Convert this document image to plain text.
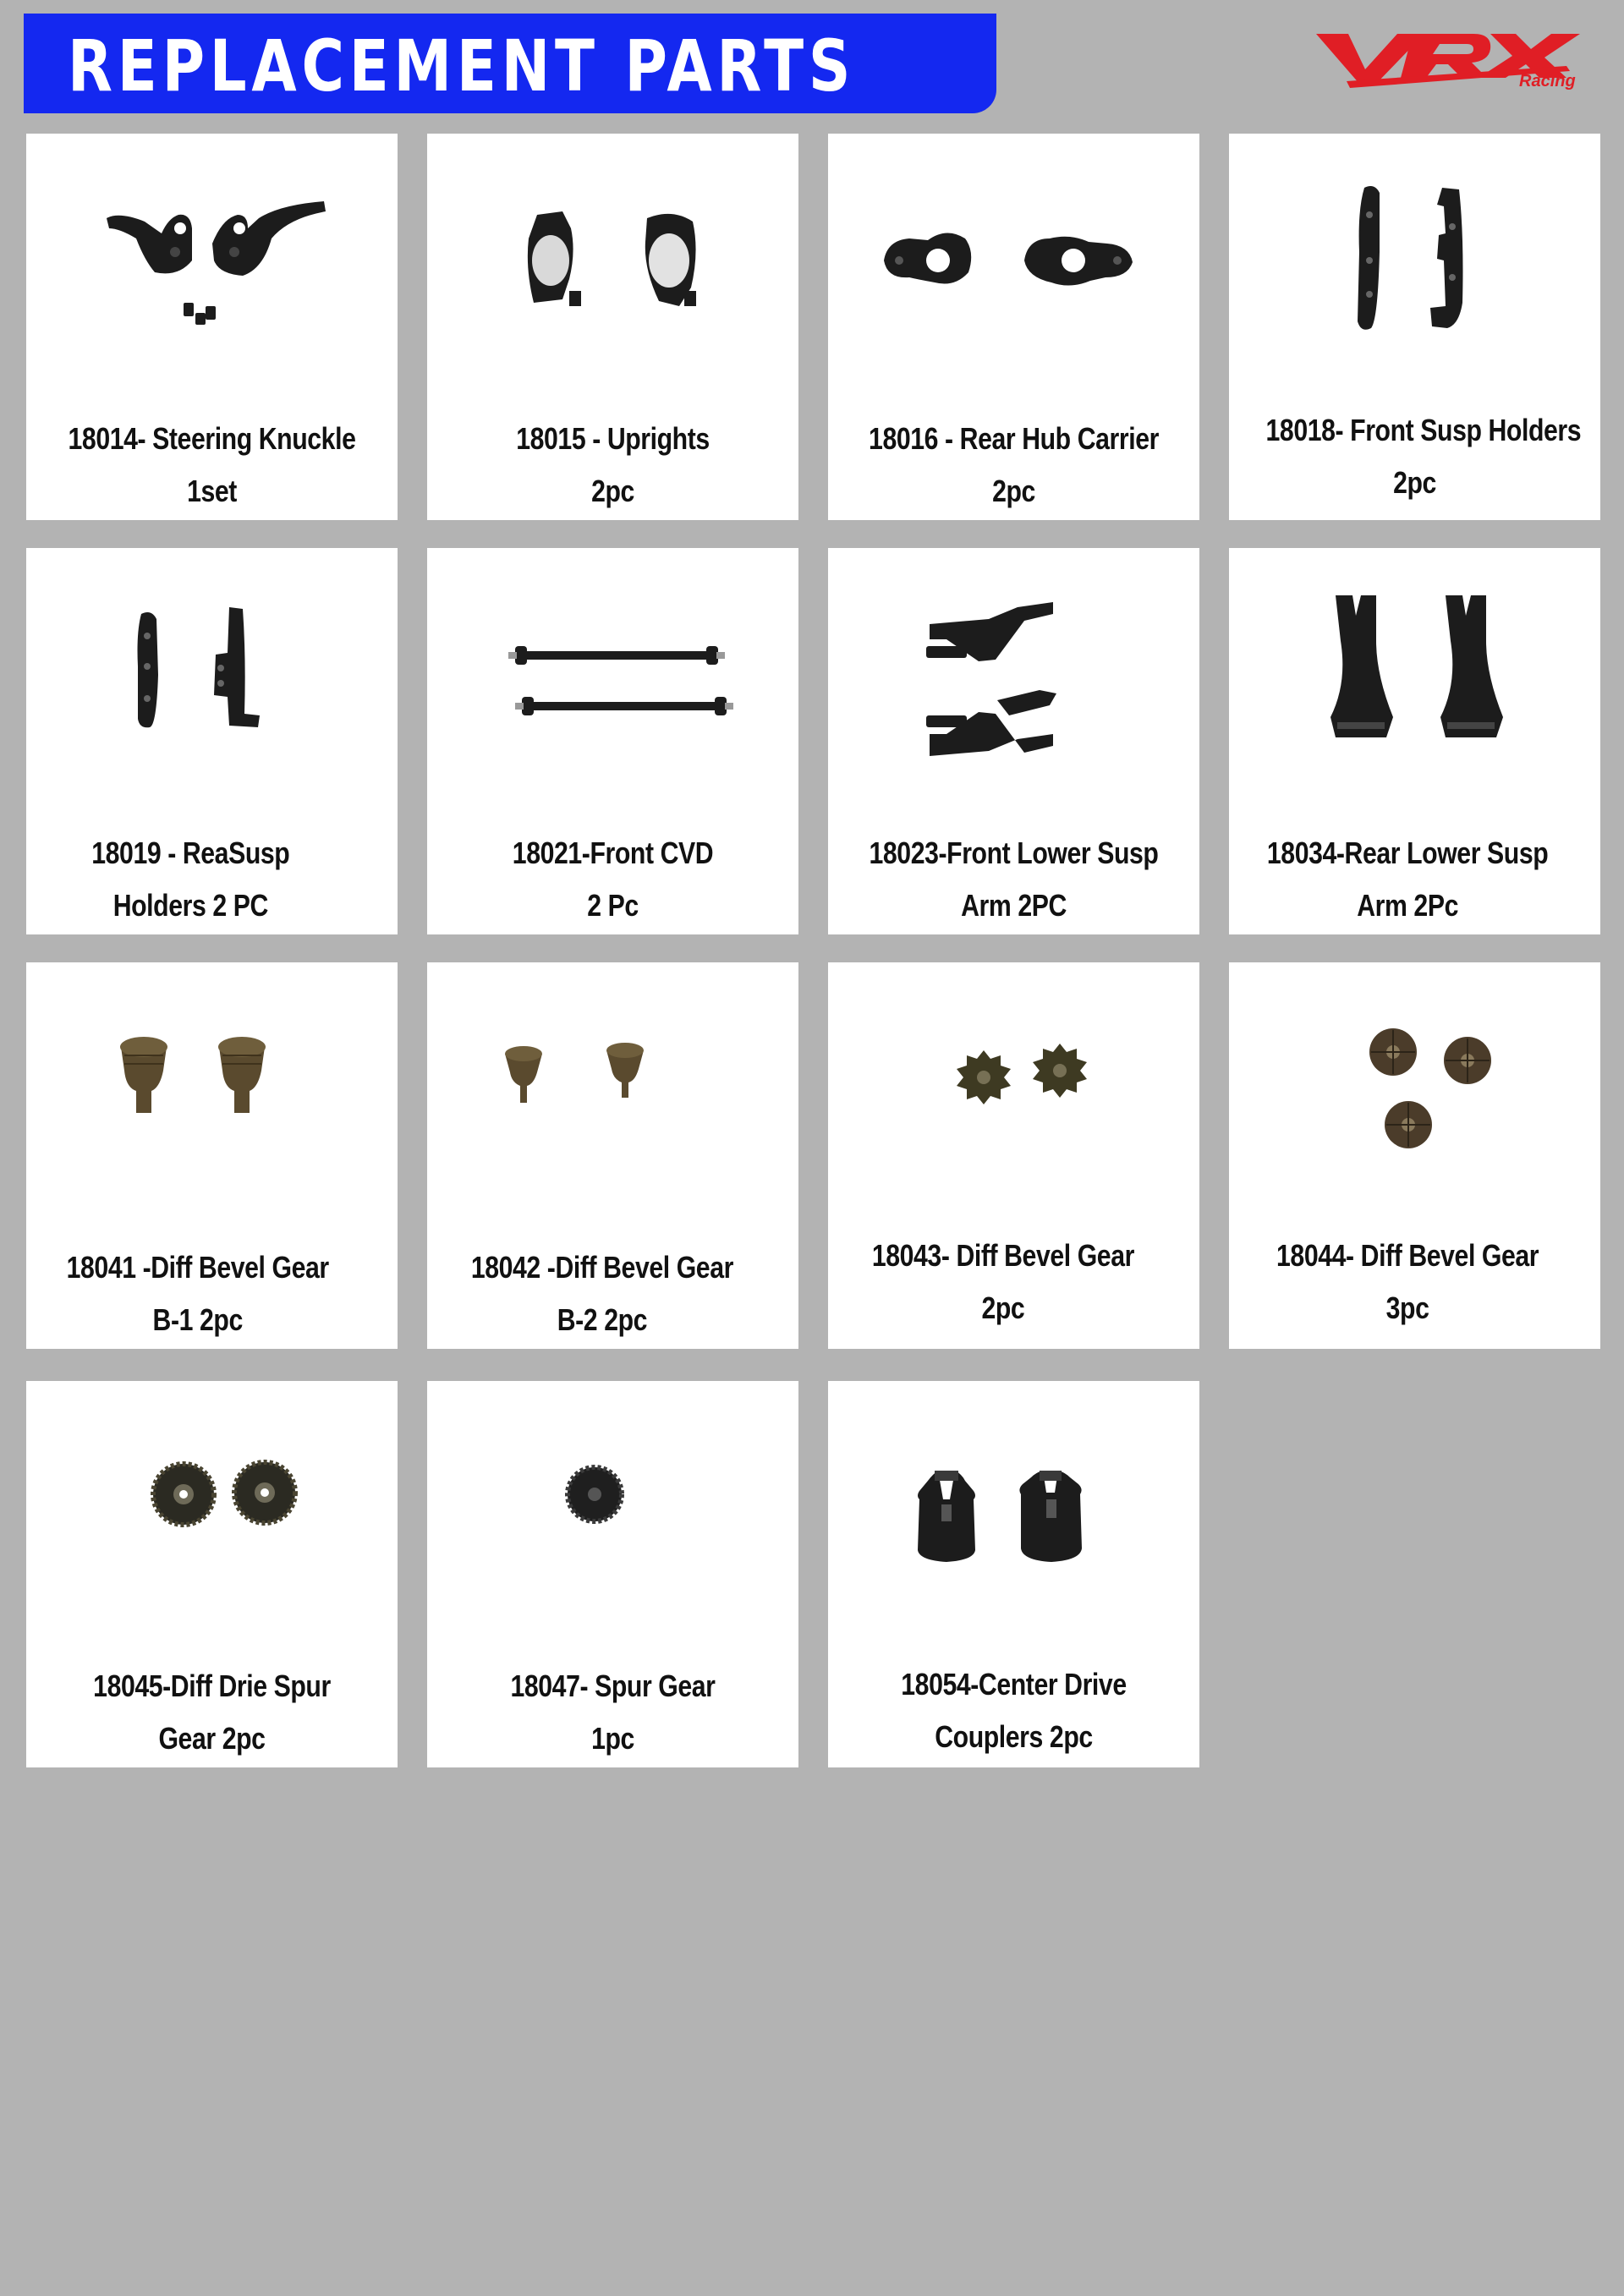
REPLACEMENT PARTS	Racing
18014- Steering Knuckle
1set
18015 - Uprights
2pc
18016 - Rear Hub Carrier
2pc
18018- Front Susp Holders
2pc
18019 - ReaSusp
Holders 2 PC
18021-Front CVD
2 Pc
18023-Front Lower Susp
Arm 2PC
18034-Rear Lower Susp
Arm 2Pc
18041 -Diff Bevel Gear
B-1 2pc
18042 -Diff Bevel Gear
B-2 2pc
18043- Diff Bevel Gear
2pc
18044- Diff Bevel Gear
3pc
18045-Diff Drie Spur
Gear 2pc
18047- Spur Gear
1pc
18054-Center Drive
Couplers 2pc
